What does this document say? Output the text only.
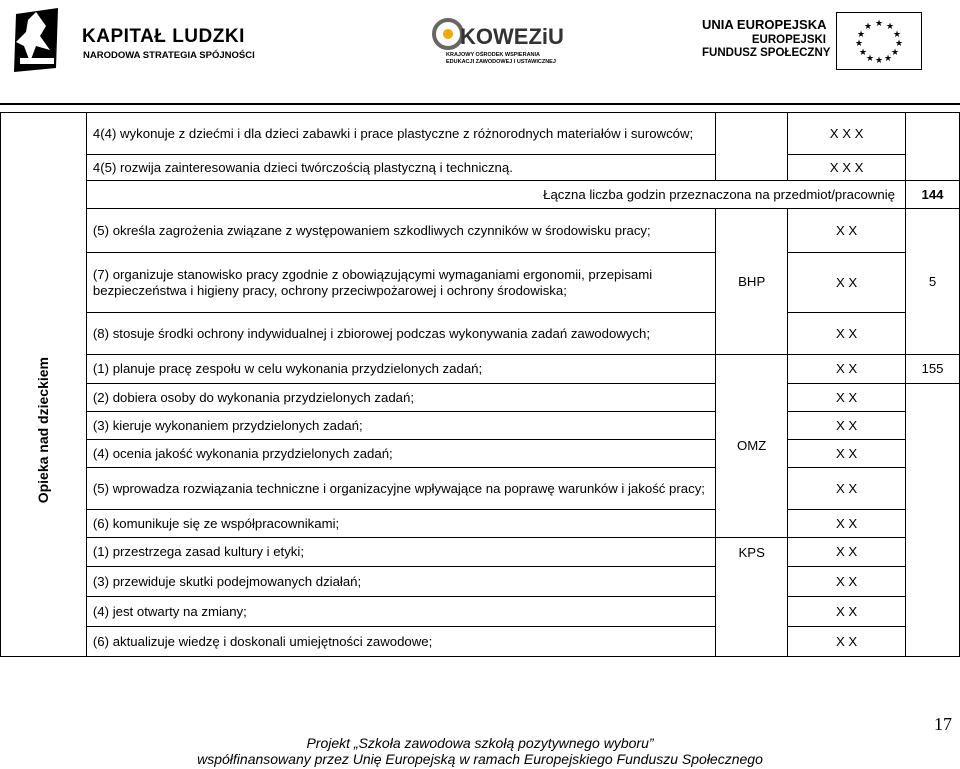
KAPITAŁ LUDZKI
NARODOWA STRATEGIA SPÓJNOŚCI
KOWEZiU
KRAJOWY OŚRODEK WSPIERANIA
EDUKACJI ZAWODOWEJ I USTAWICZNEJ
UNIA EUROPEJSKA
EUROPEJSKI
FUNDUSZ SPOŁECZNY
★ ★
★
★
★
★
★
★
★
★
★
★
	4(4) wykonuje z dziećmi i dla dzieci zabawki i prace plastyczne z różnorodnych materiałów i surowców;		X X X	
	4(5) rozwija zainteresowania dzieci twórczością plastyczną i techniczną.		X X X	
	Łączna liczba godzin przeznaczona na przedmiot/pracownię			144
Opieka nad dzieckiem	(5) określa zagrożenia związane z występowaniem szkodliwych czynników w środowisku pracy;	BHP	X X	5
	(7) organizuje stanowisko pracy zgodnie z obowiązującymi wymaganiami ergonomii, przepisami bezpieczeństwa i higieny pracy, ochrony przeciwpożarowej i ochrony środowiska;		X X	
	(8) stosuje środki ochrony indywidualnej i zbiorowej podczas wykonywania zadań zawodowych;		X X	
	(1) planuje pracę zespołu w celu wykonania przydzielonych zadań;	OMZ	X X	155
	(2) dobiera osoby do wykonania przydzielonych zadań;		X X	
	(3) kieruje wykonaniem przydzielonych zadań;		X X	
	(4) ocenia jakość wykonania przydzielonych zadań;		X X	
	(5) wprowadza rozwiązania techniczne i organizacyjne wpływające na poprawę warunków i jakość pracy;		X X	
	(6) komunikuje się ze współpracownikami;		X X	
	(1) przestrzega zasad kultury i etyki;	KPS	X X	
	(3) przewiduje skutki podejmowanych działań;		X X	
	(4) jest otwarty na zmiany;		X X	
	(6) aktualizuje wiedzę i doskonali umiejętności zawodowe;		X X	
17
Projekt „Szkoła zawodowa szkołą pozytywnego wyboru”
współfinansowany przez Unię Europejską w ramach Europejskiego Funduszu Społecznego
